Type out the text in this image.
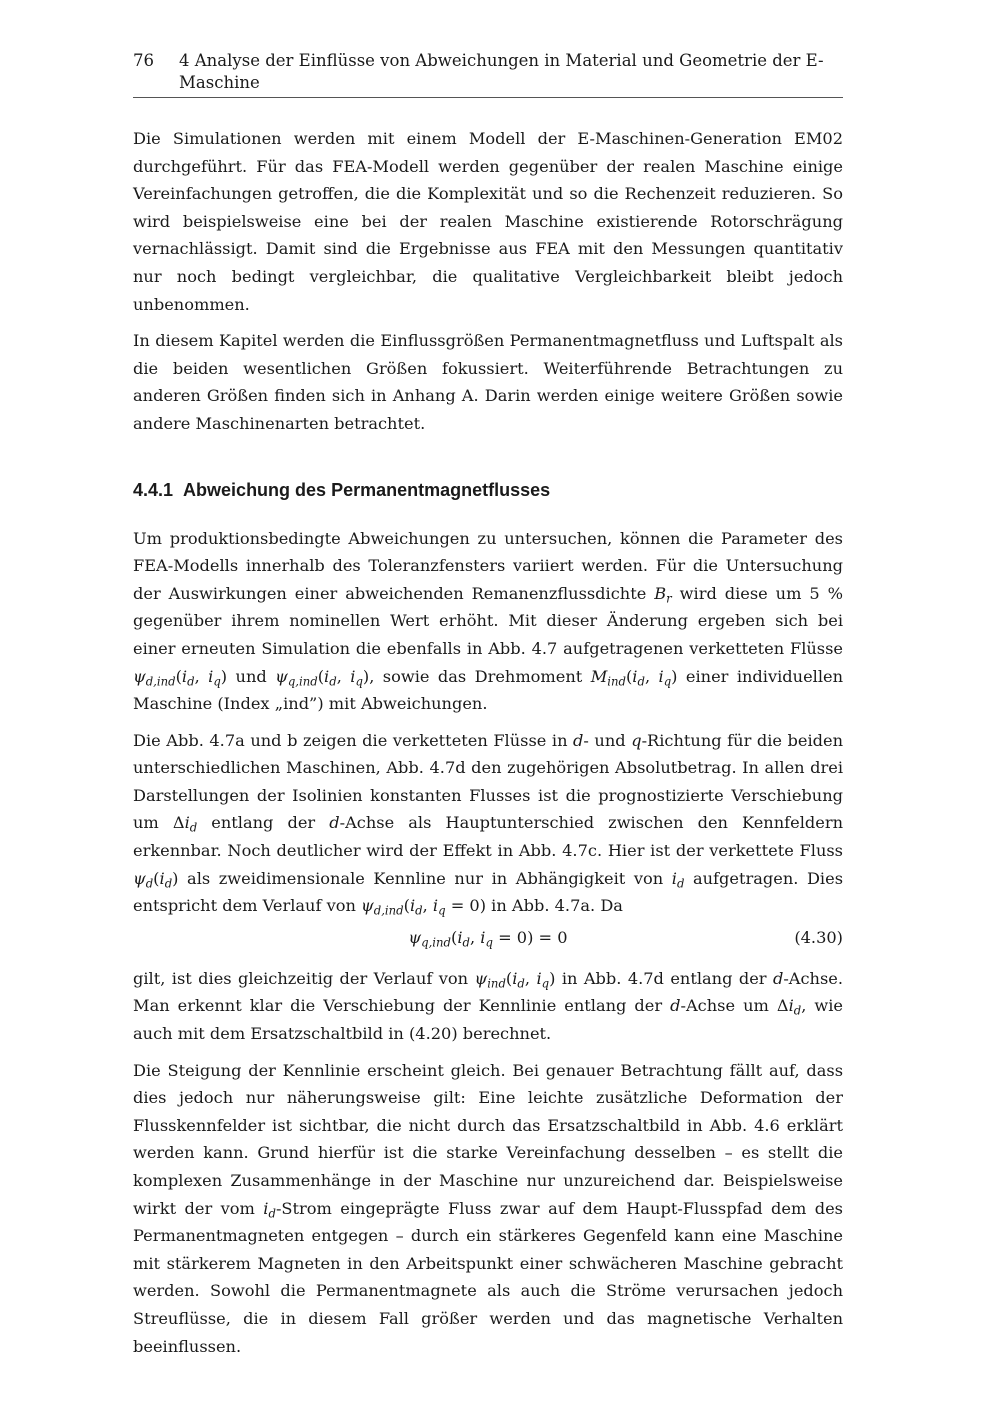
76	4 Analyse der Einflüsse von Abweichungen in Material und Geometrie der E-Maschine

Die Simulationen werden mit einem Modell der E-Maschinen-Generation EM02 durchgeführt. Für das FEA-Modell werden gegenüber der realen Maschine einige Vereinfachungen getroffen, die die Komplexität und so die Rechenzeit reduzieren. So wird beispielsweise eine bei der realen Maschine existierende Rotorschrägung vernachlässigt. Damit sind die Ergebnisse aus FEA mit den Messungen quantitativ nur noch bedingt vergleichbar, die qualitative Vergleichbarkeit bleibt jedoch unbenommen.

In diesem Kapitel werden die Einflussgrößen Permanentmagnetfluss und Luftspalt als die beiden wesentlichen Größen fokussiert. Weiterführende Betrachtungen zu anderen Größen finden sich in Anhang A. Darin werden einige weitere Größen sowie andere Maschinenarten betrachtet.

4.4.1 Abweichung des Permanentmagnetflusses

Um produktionsbedingte Abweichungen zu untersuchen, können die Parameter des FEA-Modells innerhalb des Toleranzfensters variiert werden. Für die Untersuchung der Auswirkungen einer abweichenden Remanenzflussdichte $B_r$ wird diese um 5 % gegenüber ihrem nominellen Wert erhöht. Mit dieser Änderung ergeben sich bei einer erneuten Simulation die ebenfalls in Abb. 4.7 aufgetragenen verketteten Flüsse $\psi_{d,ind}(i_d$, $i_q$) und $\psi_{q,ind}(i_d$, $i_q$), sowie das Drehmoment $M_{ind}(i_d$, $i_q$) einer individuellen Maschine (Index „ind”) mit Abweichungen.

Die Abb. 4.7a und b zeigen die verketteten Flüsse in d- und q-Richtung für die beiden unterschiedlichen Maschinen, Abb. 4.7d den zugehörigen Absolutbetrag. In allen drei Darstellungen der Isolinien konstanten Flusses ist die prognostizierte Verschiebung um $\Delta i_d$ entlang der d-Achse als Hauptunterschied zwischen den Kennfeldern erkennbar. Noch deutlicher wird der Effekt in Abb. 4.7c. Hier ist der verkettete Fluss $\psi_d(i_d)$ als zweidimensionale Kennline nur in Abhängigkeit von $i_d$ aufgetragen. Dies entspricht dem Verlauf von $\psi_{d,ind}(i_d$, $i_q = 0$) in Abb. 4.7a. Da

$\psi_{q,ind}(i_d$, $i_q = 0) = 0$	(4.30)

gilt, ist dies gleichzeitig der Verlauf von $\psi_{ind}(i_d$, $i_q$) in Abb. 4.7d entlang der d-Achse. Man erkennt klar die Verschiebung der Kennlinie entlang der d-Achse um $\Delta i_d$, wie auch mit dem Ersatzschaltbild in (4.20) berechnet.

Die Steigung der Kennlinie erscheint gleich. Bei genauer Betrachtung fällt auf, dass dies jedoch nur näherungsweise gilt: Eine leichte zusätzliche Deformation der Flusskennfelder ist sichtbar, die nicht durch das Ersatzschaltbild in Abb. 4.6 erklärt werden kann. Grund hierfür ist die starke Vereinfachung desselben – es stellt die komplexen Zusammenhänge in der Maschine nur unzureichend dar. Beispielsweise wirkt der vom $i_d$-Strom eingeprägte Fluss zwar auf dem Haupt-Flusspfad dem des Permanentmagneten entgegen – durch ein stärkeres Gegenfeld kann eine Maschine mit stärkerem Magneten in den Arbeitspunkt einer schwächeren Maschine gebracht werden. Sowohl die Permanentmagnete als auch die Ströme verursachen jedoch Streuflüsse, die in diesem Fall größer werden und das magnetische Verhalten beeinflussen.
